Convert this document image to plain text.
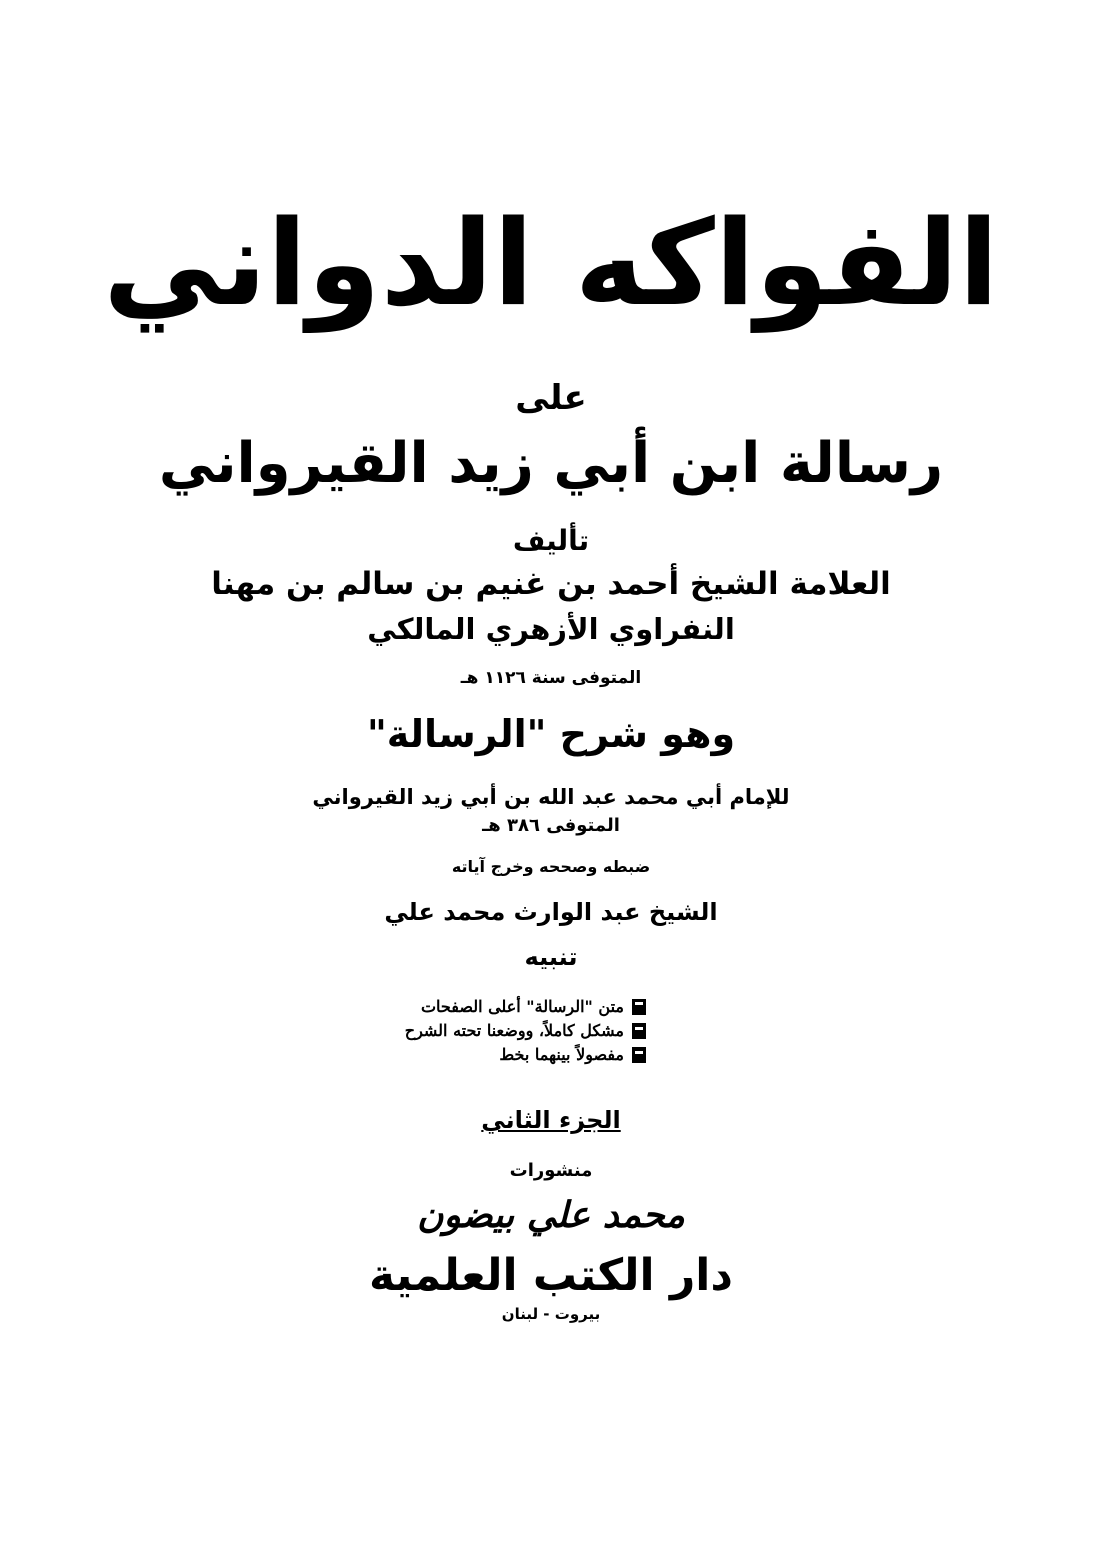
الفواكه الدواني
على
رسالة ابن أبي زيد القيرواني
تأليف
العلامة الشيخ أحمد بن غنيم بن سالم بن مهنا
النفراوي الأزهري المالكي
المتوفى سنة ١١٢٦ هـ
وهو شرح "الرسالة"
للإمام أبي محمد عبد الله بن أبي زيد القيرواني
المتوفى ٣٨٦ هـ
ضبطه وصححه وخرج آياته
الشيخ عبد الوارث محمد علي
تنبيه
متن "الرسالة" أعلى الصفحات
مشكل كاملاً، ووضعنا تحته الشرح
مفصولاً بينهما بخط
الجزء الثاني
منشورات
محمد علي بيضون
دار الكتب العلمية
بيروت - لبنان
